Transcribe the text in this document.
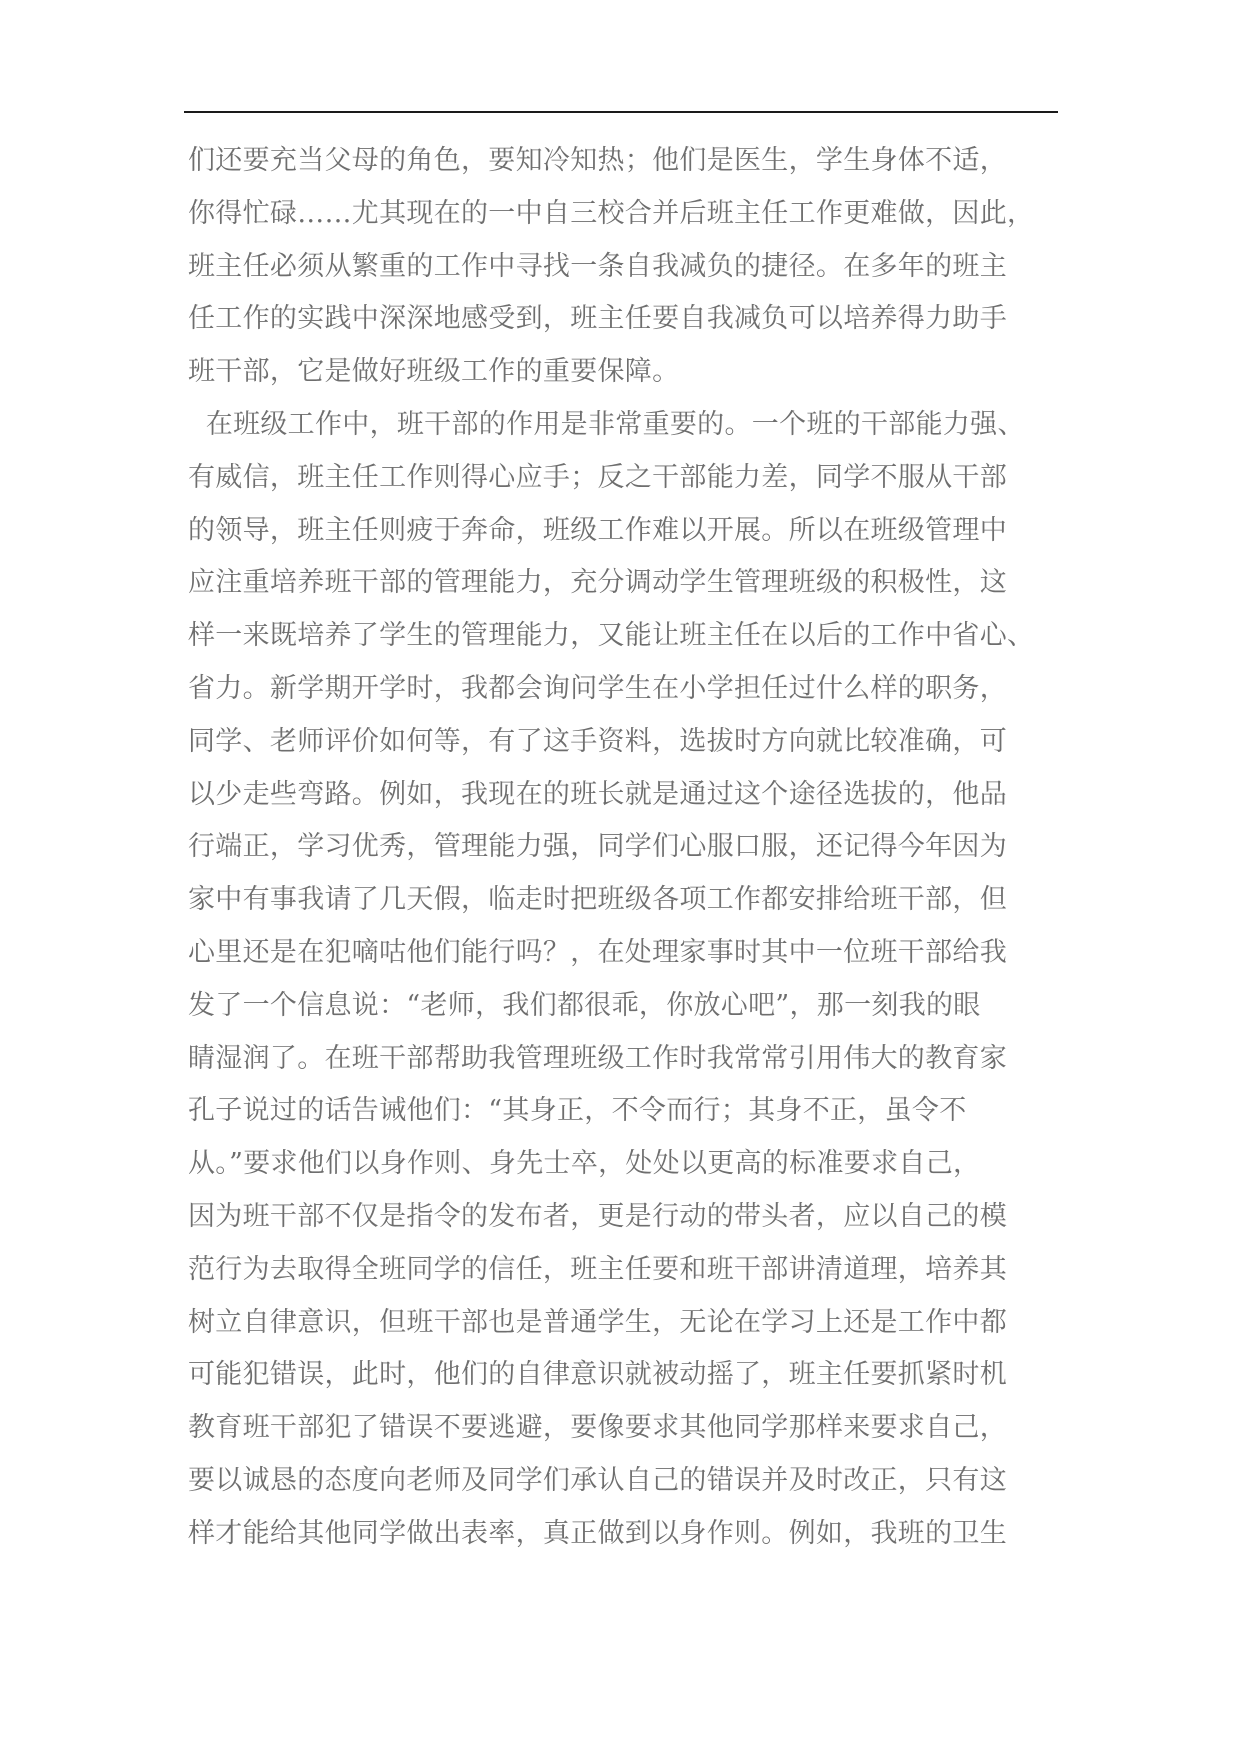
们还要充当父母的角色，要知冷知热；他们是医生，学生身体不适，
你得忙碌……尤其现在的一中自三校合并后班主任工作更难做，因此，
班主任必须从繁重的工作中寻找一条自我减负的捷径。在多年的班主
任工作的实践中深深地感受到，班主任要自我减负可以培养得力助手
班干部，它是做好班级工作的重要保障。
在班级工作中，班干部的作用是非常重要的。一个班的干部能力强、
有威信，班主任工作则得心应手；反之干部能力差，同学不服从干部
的领导，班主任则疲于奔命，班级工作难以开展。所以在班级管理中
应注重培养班干部的管理能力，充分调动学生管理班级的积极性，这
样一来既培养了学生的管理能力，又能让班主任在以后的工作中省心、
省力。新学期开学时，我都会询问学生在小学担任过什么样的职务，
同学、老师评价如何等，有了这手资料，选拔时方向就比较准确，可
以少走些弯路。例如，我现在的班长就是通过这个途径选拔的，他品
行端正，学习优秀，管理能力强，同学们心服口服，还记得今年因为
家中有事我请了几天假，临走时把班级各项工作都安排给班干部，但
心里还是在犯嘀咕他们能行吗？，在处理家事时其中一位班干部给我
发了一个信息说：“老师，我们都很乖，你放心吧”，那一刻我的眼
睛湿润了。在班干部帮助我管理班级工作时我常常引用伟大的教育家
孔子说过的话告诫他们：“其身正，不令而行；其身不正，虽令不
从。”要求他们以身作则、身先士卒，处处以更高的标准要求自己，
因为班干部不仅是指令的发布者，更是行动的带头者，应以自己的模
范行为去取得全班同学的信任，班主任要和班干部讲清道理，培养其
树立自律意识，但班干部也是普通学生，无论在学习上还是工作中都
可能犯错误，此时，他们的自律意识就被动摇了，班主任要抓紧时机
教育班干部犯了错误不要逃避，要像要求其他同学那样来要求自己，
要以诚恳的态度向老师及同学们承认自己的错误并及时改正，只有这
样才能给其他同学做出表率，真正做到以身作则。例如，我班的卫生
